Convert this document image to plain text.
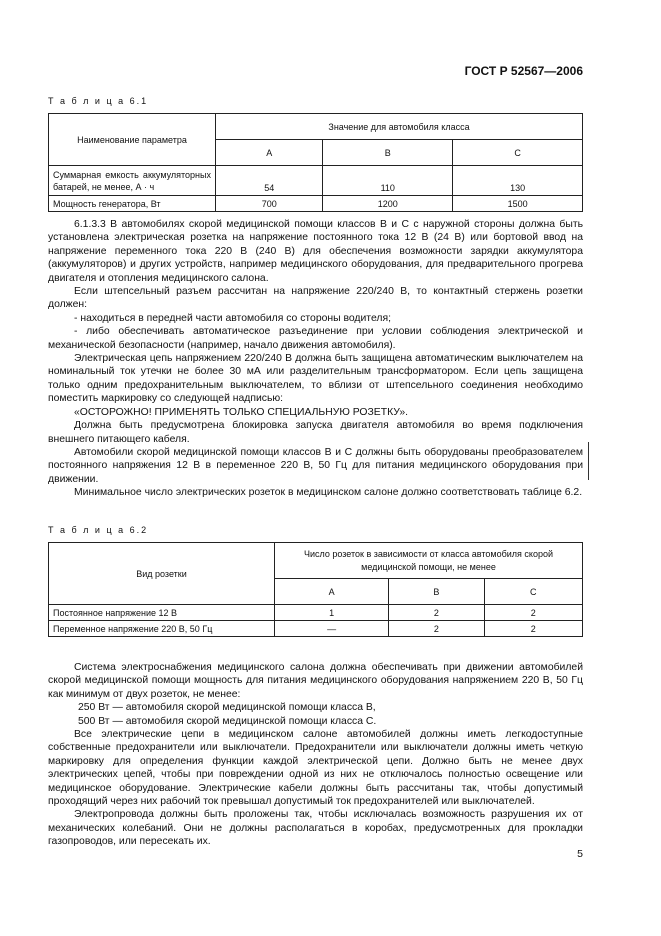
ГОСТ Р 52567—2006
Т а б л и ц а 6.1
Наименование параметра	Значение для автомобиля класса		
	А	В	С
Суммарная емкость аккумуляторных батарей, не менее, А · ч	54	110	130
Мощность генератора, Вт	700	1200	1500

6.1.3.3 В автомобилях скорой медицинской помощи классов В и С с наружной стороны должна быть установлена электрическая розетка на напряжение постоянного тока 12 В (24 В) или бортовой ввод на напряжение переменного тока 220 В (240 В) для обеспечения возможности зарядки аккумулятора (аккумуляторов) и других устройств, например медицинского оборудования, для предварительного прогрева двигателя и отопления медицинского салона.

Если штепсельный разъем рассчитан на напряжение 220/240 В, то контактный стержень розетки должен:

- находиться в передней части автомобиля со стороны водителя;

- либо обеспечивать автоматическое разъединение при условии соблюдения электрической и механической безопасности (например, начало движения автомобиля).

Электрическая цепь напряжением 220/240 В должна быть защищена автоматическим выключателем на номинальный ток утечки не более 30 мА или разделительным трансформатором. Если цепь защищена только одним предохранительным выключателем, то вблизи от штепсельного соединения необходимо поместить маркировку со следующей надписью:

«ОСТОРОЖНО! ПРИМЕНЯТЬ ТОЛЬКО СПЕЦИАЛЬНУЮ РОЗЕТКУ».

Должна быть предусмотрена блокировка запуска двигателя автомобиля во время подключения внешнего питающего кабеля.

Автомобили скорой медицинской помощи классов В и С должны быть оборудованы преобразователем постоянного напряжения 12 В в переменное 220 В, 50 Гц для питания медицинского оборудования при движении.

Минимальное число электрических розеток в медицинском салоне должно соответствовать таблице 6.2.

Т а б л и ц а 6.2
Вид розетки	Число розеток в зависимости от класса автомобиля скорой медицинской помощи, не менее		
	А	В	С
Постоянное напряжение 12 В	1	2	2
Переменное напряжение 220 В, 50 Гц	—	2	2

Система электроснабжения медицинского салона должна обеспечивать при движении автомобилей скорой медицинской помощи мощность для питания медицинского оборудования напряжением 220 В, 50 Гц как минимум от двух розеток, не менее:

250 Вт — автомобиля скорой медицинской помощи класса В,

500 Вт — автомобиля скорой медицинской помощи класса С.

Все электрические цепи в медицинском салоне автомобилей должны иметь легкодоступные собственные предохранители или выключатели. Предохранители или выключатели должны иметь четкую маркировку для определения функции каждой электрической цепи. Должно быть не менее двух электрических цепей, чтобы при повреждении одной из них не отключалось полностью освещение или медицинское оборудование. Электрические кабели должны быть рассчитаны так, чтобы допустимый проходящий через них рабочий ток превышал допустимый ток предохранителей или выключателей.

Электропровода должны быть проложены так, чтобы исключалась возможность разрушения их от механических колебаний. Они не должны располагаться в коробах, предусмотренных для прокладки газопроводов, или пересекать их.

5
